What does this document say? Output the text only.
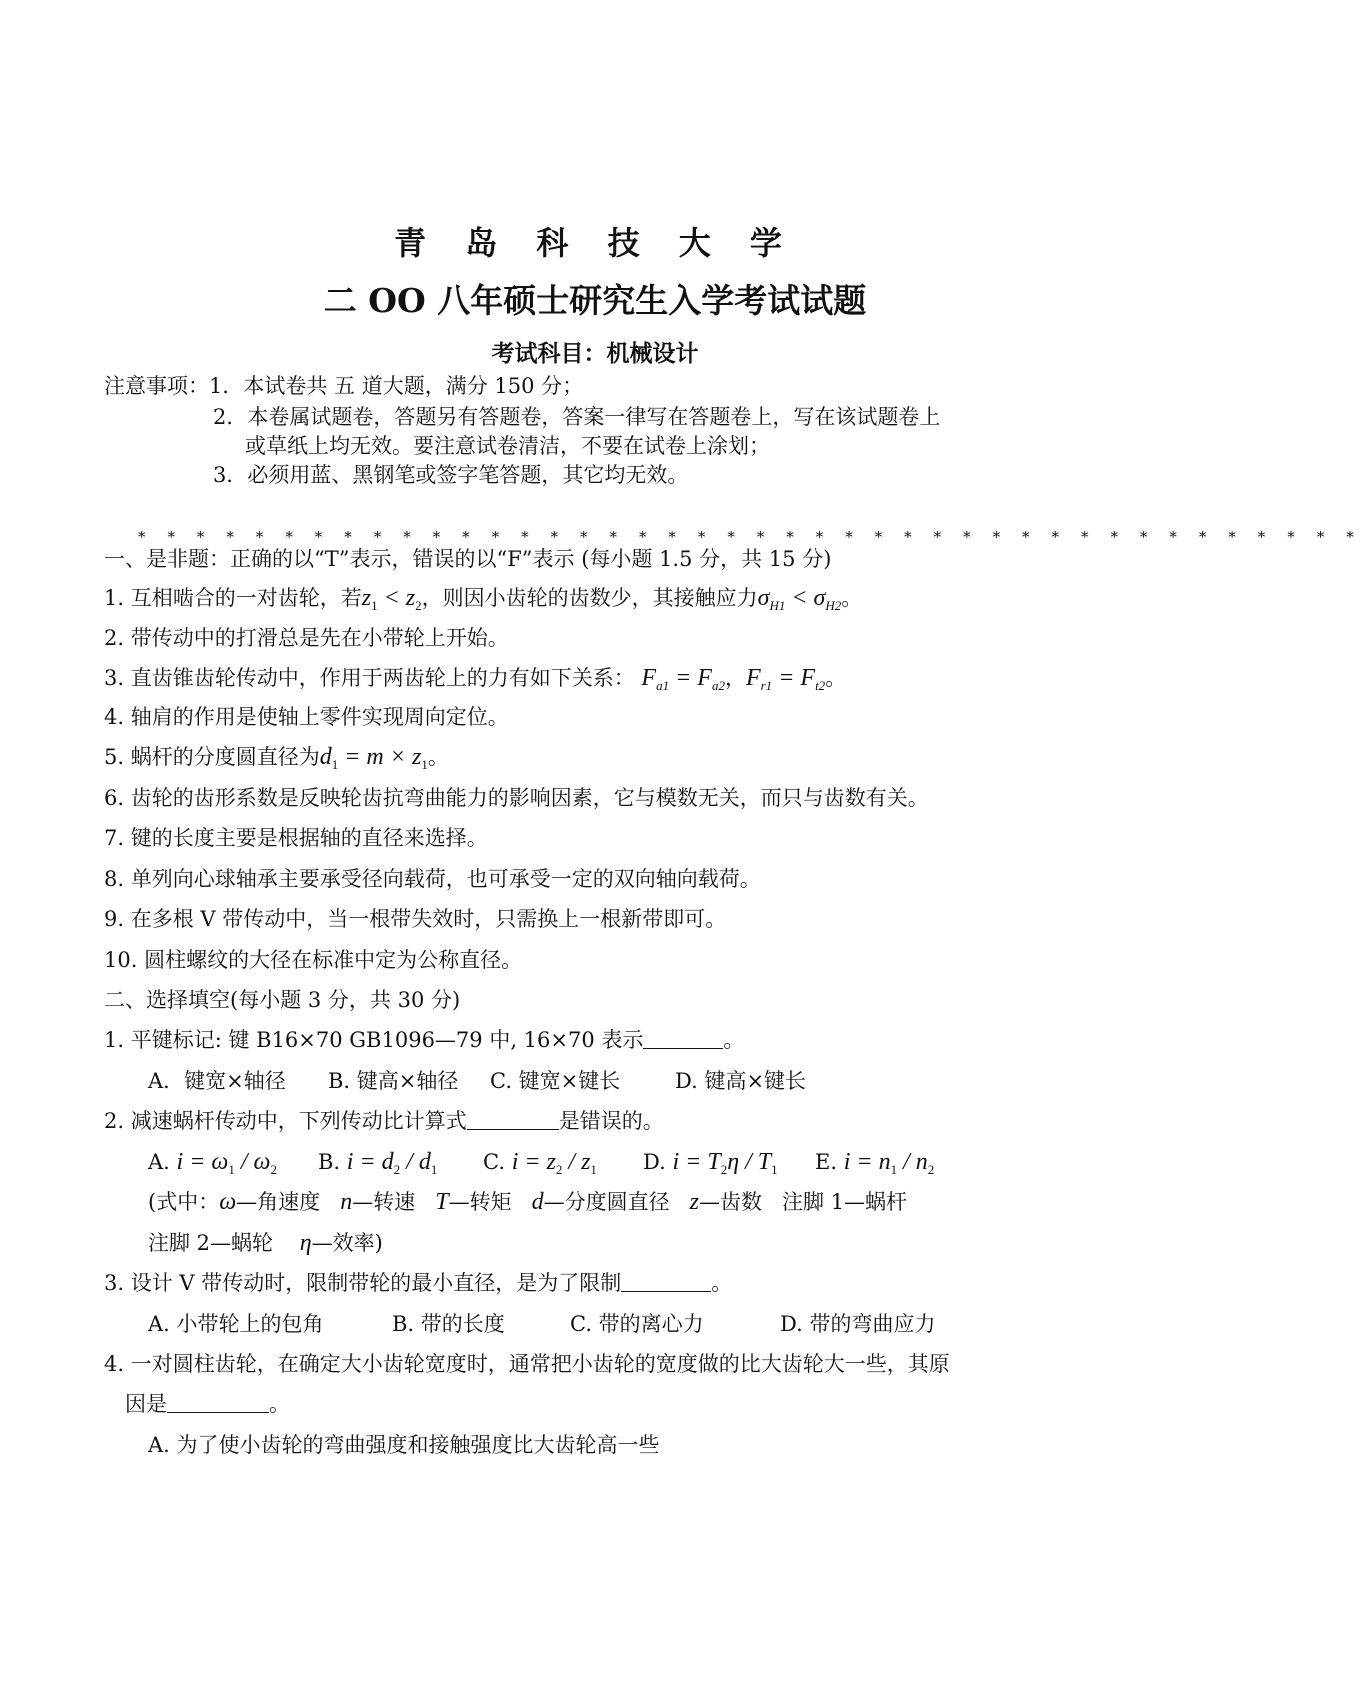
青 岛 科 技 大 学
二 OO 八年硕士研究生入学考试试题
考试科目：机械设计
注意事项：1．本试卷共 五 道大题，满分 150 分；
2．本卷属试题卷，答题另有答题卷，答案一律写在答题卷上，写在该试题卷上
或草纸上均无效。要注意试卷清洁，不要在试卷上涂划；
3．必须用蓝、黑钢笔或签字笔答题，其它均无效。
* * * * * * * * * * * * * * * * * * * * * * * * * * * * * * * * * * * * * * * * * *
一、是非题：正确的以“T”表示，错误的以“F”表示 (每小题 1.5 分，共 15 分)
1. 互相啮合的一对齿轮，若$z_1 < z_2$，则因小齿轮的齿数少，其接触应力$\sigma_{H1} < \sigma_{H2}$。
2. 带传动中的打滑总是先在小带轮上开始。
3. 直齿锥齿轮传动中，作用于两齿轮上的力有如下关系： $F_{a1} = F_{a2}$，$F_{r1} = F_{t2}$。
4. 轴肩的作用是使轴上零件实现周向定位。
5. 蜗杆的分度圆直径为$d_1 = m \times z_1$。
6. 齿轮的齿形系数是反映轮齿抗弯曲能力的影响因素，它与模数无关，而只与齿数有关。
7. 键的长度主要是根据轴的直径来选择。
8. 单列向心球轴承主要承受径向载荷，也可承受一定的双向轴向载荷。
9. 在多根 V 带传动中，当一根带失效时，只需换上一根新带即可。
10. 圆柱螺纹的大径在标准中定为公称直径。
二、选择填空(每小题 3 分，共 30 分)
1. 平键标记: 键 B16×70 GB1096—79 中, 16×70 表示	。
A．键宽×轴径 B. 键高×轴径 C. 键宽×键长	D. 键高×键长
2. 减速蜗杆传动中，下列传动比计算式	是错误的。
A. $i = \omega_1 / \omega_2$ B. $i = d_2 / d_1$ C. $i = z_2 / z_1$ D. $i = T_2\eta / T_1$ E. $i = n_1 / n_2$
(式中：ω—角速度 n—转速 T—转矩 d—分度圆直径 z—齿数 注脚 1—蜗杆
注脚 2—蜗轮 η—效率)
3. 设计 V 带传动时，限制带轮的最小直径，是为了限制	。
A. 小带轮上的包角	B. 带的长度	C. 带的离心力	D. 带的弯曲应力
4. 一对圆柱齿轮，在确定大小齿轮宽度时，通常把小齿轮的宽度做的比大齿轮大一些，其原
因是	。
A. 为了使小齿轮的弯曲强度和接触强度比大齿轮高一些
